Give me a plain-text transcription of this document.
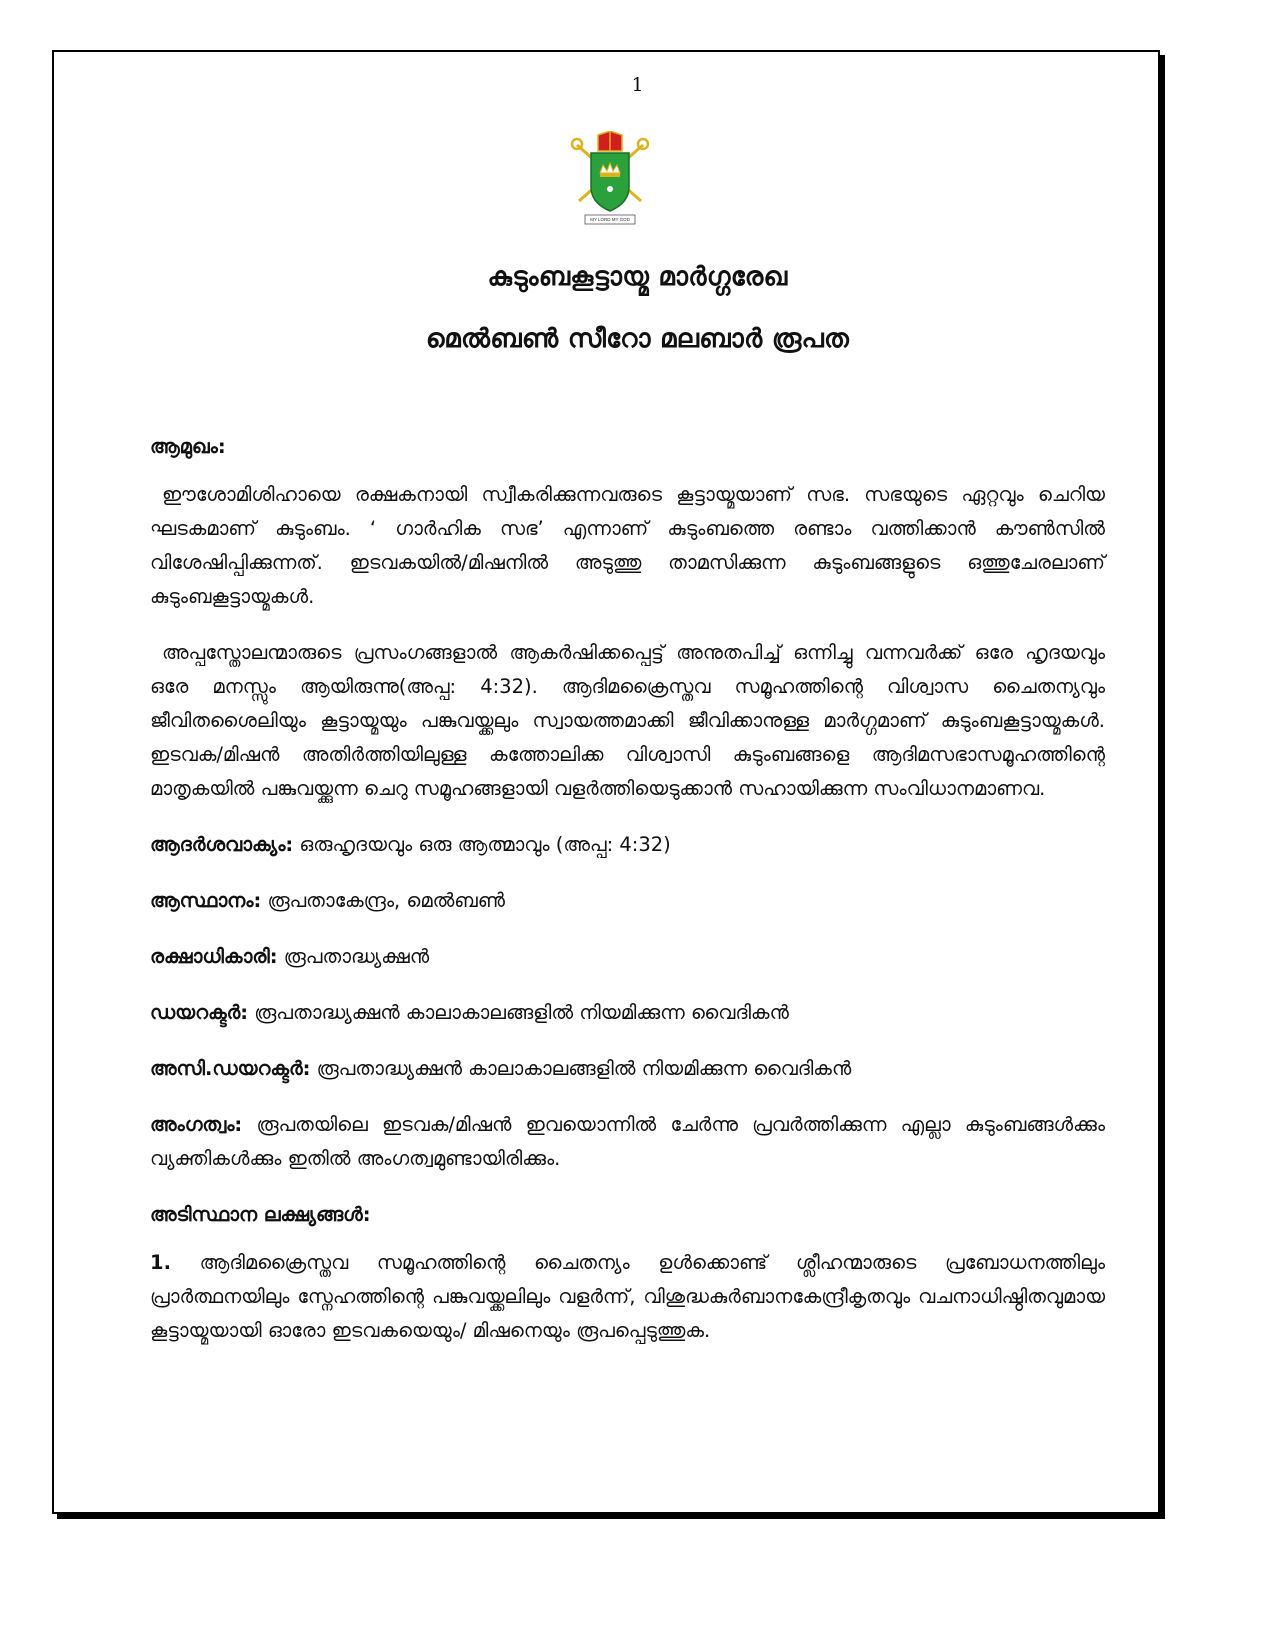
1
MY LORD MY GOD
കുടുംബകൂട്ടായ്മ മാർഗ്ഗരേഖ
മെൽബൺ സീറോ മലബാർ രൂപത

ആമുഖം:

ഈശോമിശിഹായെ രക്ഷകനായി സ്വീകരിക്കുന്നവരുടെ കൂട്ടായ്മയാണ് സഭ. സഭയുടെ ഏറ്റവും ചെറിയ ഘടകമാണ് കുടുംബം. ‘ ഗാർഹിക സഭ’ എന്നാണ് കുടുംബത്തെ രണ്ടാം വത്തിക്കാൻ കൗൺസിൽ വിശേഷിപ്പിക്കുന്നത്. ഇടവകയിൽ/മിഷനിൽ അടുത്തു താമസിക്കുന്ന കുടുംബങ്ങളുടെ ഒത്തുചേരലാണ് കുടുംബകൂട്ടായ്മകൾ.

അപ്പസ്തോലന്മാരുടെ പ്രസംഗങ്ങളാൽ ആകർഷിക്കപ്പെട്ട് അനുതപിച്ച് ഒന്നിച്ചു വന്നവർക്ക് ഒരേ ഹൃദയവും ഒരേ മനസ്സും ആയിരുന്നു(അപ്പ: 4:32). ആദിമക്രൈസ്തവ സമൂഹത്തിന്റെ വിശ്വാസ ചൈതന്യവും ജീവിതശൈലിയും കൂട്ടായ്മയും പങ്കുവയ്ക്കലും സ്വായത്തമാക്കി ജീവിക്കാനുള്ള മാർഗ്ഗമാണ് കുടുംബകൂട്ടായ്മകൾ. ഇടവക/മിഷൻ അതിർത്തിയിലുള്ള കത്തോലിക്ക വിശ്വാസി കുടുംബങ്ങളെ ആദിമസഭാസമൂഹത്തിന്റെ മാതൃകയിൽ പങ്കുവയ്ക്കുന്ന ചെറു സമൂഹങ്ങളായി വളർത്തിയെടുക്കാൻ സഹായിക്കുന്ന സംവിധാനമാണവ.

ആദർശവാക്യം: ഒരുഹൃദയവും ഒരു ആത്മാവും (അപ്പ: 4:32)

ആസ്ഥാനം: രൂപതാകേന്ദ്രം, മെൽബൺ

രക്ഷാധികാരി: രൂപതാദ്ധ്യക്ഷൻ

ഡയറക്ടർ: രൂപതാദ്ധ്യക്ഷൻ കാലാകാലങ്ങളിൽ നിയമിക്കുന്ന വൈദികൻ

അസി.ഡയറക്ടർ: രൂപതാദ്ധ്യക്ഷൻ കാലാകാലങ്ങളിൽ നിയമിക്കുന്ന വൈദികൻ

അംഗത്വം: രൂപതയിലെ ഇടവക/മിഷൻ ഇവയൊന്നിൽ ചേർന്നു പ്രവർത്തിക്കുന്ന എല്ലാ കുടുംബങ്ങൾക്കും വ്യക്തികൾക്കും ഇതിൽ അംഗത്വമുണ്ടായിരിക്കും.

അടിസ്ഥാന ലക്ഷ്യങ്ങൾ:

1. ആദിമക്രൈസ്തവ സമൂഹത്തിന്റെ ചൈതന്യം ഉൾക്കൊണ്ട് ശ്ലീഹന്മാരുടെ പ്രബോധനത്തിലും പ്രാർത്ഥനയിലും സ്നേഹത്തിന്റെ പങ്കുവയ്ക്കലിലും വളർന്ന്, വിശുദ്ധകുർബാനകേന്ദ്രീകൃതവും വചനാധിഷ്ഠിതവുമായ കൂട്ടായ്മയായി ഓരോ ഇടവകയെയും/ മിഷനെയും രൂപപ്പെടുത്തുക.
